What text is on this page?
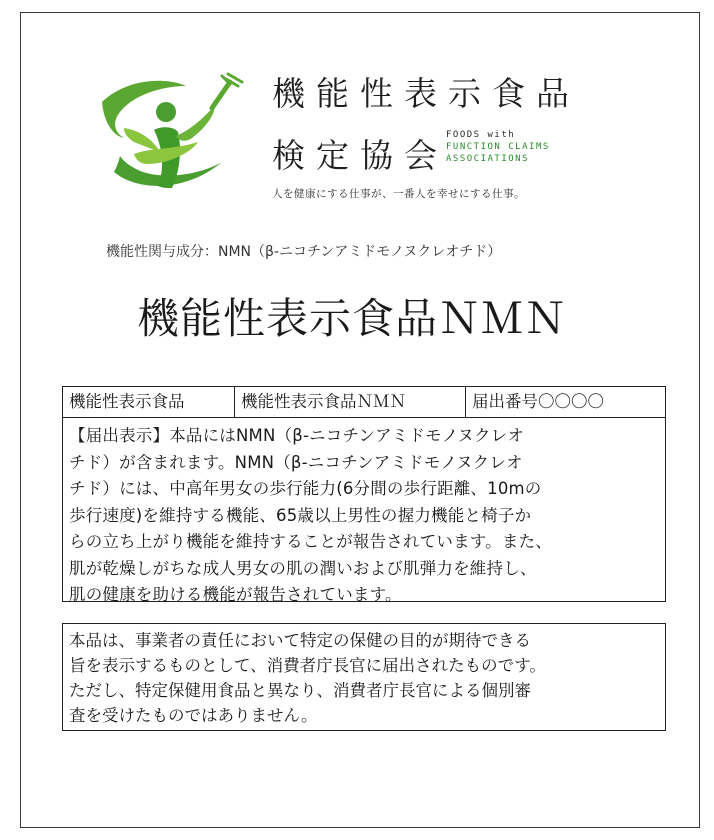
機能性表示食品
検定協会
FOODS with
FUNCTION CLAIMS
ASSOCIATIONS
人を健康にする仕事が、一番人を幸せにする仕事。
機能性関与成分：NMN（β-ニコチンアミドモノヌクレオチド）
機能性表示食品ＮＭＮ
機能性表示食品	機能性表示食品ＮＭＮ	届出番号〇〇〇〇

【届出表示】本品にはNMN（β-ニコチンアミドモノヌクレオ

チド）が含まれます。NMN（β-ニコチンアミドモノヌクレオ

チド）には、中高年男女の歩行能力(6分間の歩行距離、10mの

歩行速度)を維持する機能、65歳以上男性の握力機能と椅子か

らの立ち上がり機能を維持することが報告されています。また、

肌が乾燥しがちな成人男女の肌の潤いおよび肌弾力を維持し、

肌の健康を助ける機能が報告されています。

本品は、事業者の責任において特定の保健の目的が期待できる

旨を表示するものとして、消費者庁長官に届出されたものです。

ただし、特定保健用食品と異なり、消費者庁長官による個別審

査を受けたものではありません。
